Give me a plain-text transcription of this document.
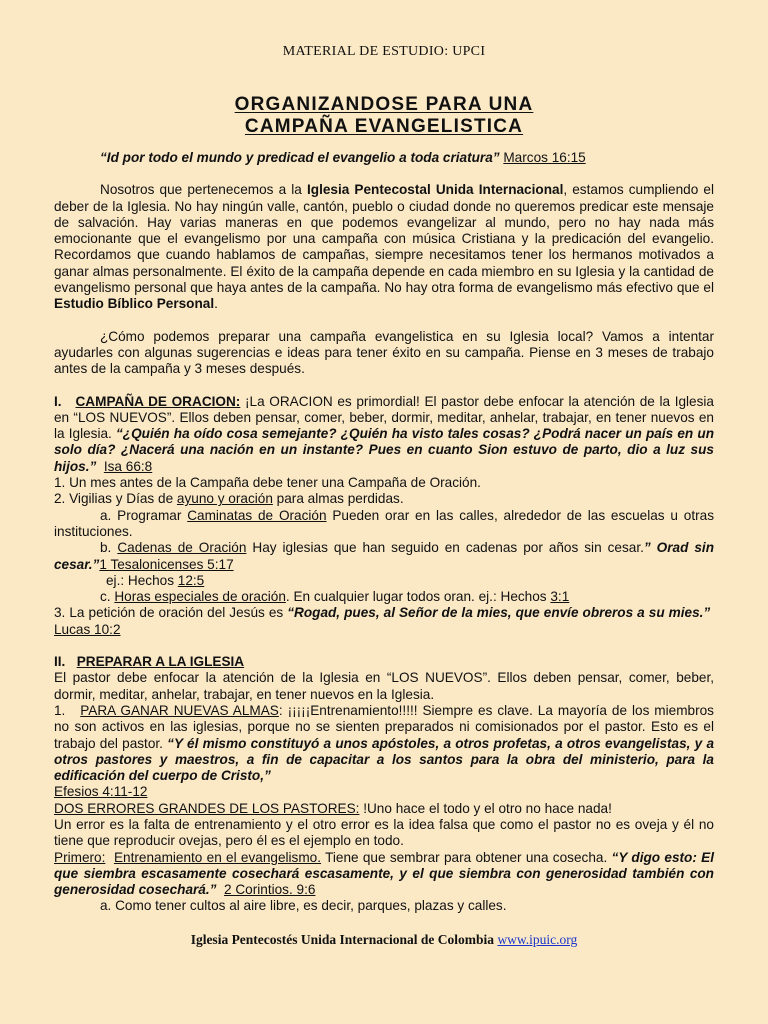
MATERIAL DE ESTUDIO: UPCI
ORGANIZANDOSE PARA UNA
CAMPAÑA EVANGELISTICA

“Id por todo el mundo y predicad el evangelio a toda criatura” Marcos 16:15

Nosotros que pertenecemos a la Iglesia Pentecostal Unida Internacional, estamos cumpliendo el deber de la Iglesia. No hay ningún valle, cantón, pueblo o ciudad donde no queremos predicar este mensaje de salvación. Hay varias maneras en que podemos evangelizar al mundo, pero no hay nada más emocionante que el evangelismo por una campaña con música Cristiana y la predicación del evangelio. Recordamos que cuando hablamos de campañas, siempre necesitamos tener los hermanos motivados a ganar almas personalmente. El éxito de la campaña depende en cada miembro en su Iglesia y la cantidad de evangelismo personal que haya antes de la campaña. No hay otra forma de evangelismo más efectivo que el Estudio Bíblico Personal.

¿Cómo podemos preparar una campaña evangelistica en su Iglesia local? Vamos a intentar ayudarles con algunas sugerencias e ideas para tener éxito en su campaña. Piense en 3 meses de trabajo antes de la campaña y 3 meses después.

I. CAMPAÑA DE ORACION: ¡La ORACION es primordial! El pastor debe enfocar la atención de la Iglesia en “LOS NUEVOS”. Ellos deben pensar, comer, beber, dormir, meditar, anhelar, trabajar, en tener nuevos en la Iglesia. “¿Quién ha oído cosa semejante? ¿Quién ha visto tales cosas? ¿Podrá nacer un país en un solo día? ¿Nacerá una nación en un instante? Pues en cuanto Sion estuvo de parto, dio a luz sus hijos.” Isa 66:8

1. Un mes antes de la Campaña debe tener una Campaña de Oración.

2. Vigilias y Días de ayuno y oración para almas perdidas.

a. Programar Caminatas de Oración Pueden orar en las calles, alrededor de las escuelas u otras instituciones.

b. Cadenas de Oración Hay iglesias que han seguido en cadenas por años sin cesar.” Orad sin cesar.”1 Tesalonicenses 5:17

ej.: Hechos 12:5

c. Horas especiales de oración. En cualquier lugar todos oran. ej.: Hechos 3:1

3. La petición de oración del Jesús es “Rogad, pues, al Señor de la mies, que envíe obreros a su mies.”  Lucas 10:2

II. PREPARAR A LA IGLESIA

El pastor debe enfocar la atención de la Iglesia en “LOS NUEVOS”. Ellos deben pensar, comer, beber, dormir, meditar, anhelar, trabajar, en tener nuevos en la Iglesia.

1.   PARA GANAR NUEVAS ALMAS: ¡¡¡¡¡Entrenamiento!!!!! Siempre es clave. La mayoría de los miembros no son activos en las iglesias, porque no se sienten preparados ni comisionados por el pastor. Esto es el trabajo del pastor. “Y él mismo constituyó a unos apóstoles, a otros profetas, a otros evangelistas, y a otros pastores y maestros, a fin de capacitar a los santos para la obra del ministerio, para la edificación del cuerpo de Cristo,”

Efesios 4:11-12

DOS ERRORES GRANDES DE LOS PASTORES: !Uno hace el todo y el otro no hace nada!

Un error es la falta de entrenamiento y el otro error es la idea falsa que como el pastor no es oveja y él no tiene que reproducir ovejas, pero él es el ejemplo en todo.

Primero: Entrenamiento en el evangelismo. Tiene que sembrar para obtener una cosecha. “Y digo esto: El que siembra escasamente cosechará escasamente, y el que siembra con generosidad también con generosidad cosechará.” 2 Corintios. 9:6

a. Como tener cultos al aire libre, es decir, parques, plazas y calles.

Iglesia Pentecostés Unida Internacional de Colombia www.ipuic.org
